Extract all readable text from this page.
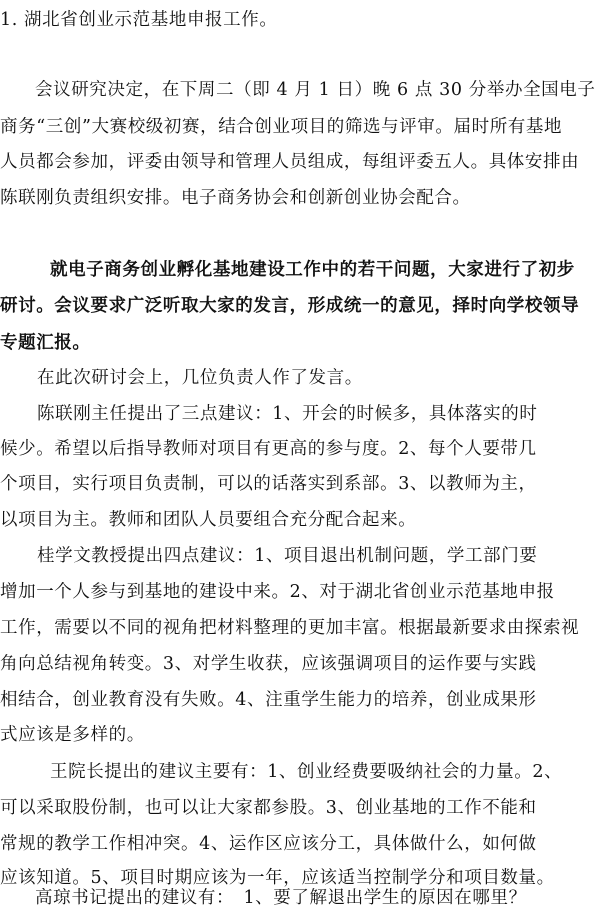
1. 湖北省创业示范基地申报工作。
会议研究决定，在下周二（即 4 月 1 日）晚 6 点 30 分举办全国电子
商务“三创”大赛校级初赛，结合创业项目的筛选与评审。届时所有基地
人员都会参加，评委由领导和管理人员组成，每组评委五人。具体安排由
陈联刚负责组织安排。电子商务协会和创新创业协会配合。
就电子商务创业孵化基地建设工作中的若干问题，大家进行了初步
研讨。会议要求广泛听取大家的发言，形成统一的意见，择时向学校领导
专题汇报。
在此次研讨会上，几位负责人作了发言。
陈联刚主任提出了三点建议：1、开会的时候多，具体落实的时
候少。希望以后指导教师对项目有更高的参与度。2、每个人要带几
个项目，实行项目负责制，可以的话落实到系部。3、以教师为主，
以项目为主。教师和团队人员要组合充分配合起来。
桂学文教授提出四点建议：1、项目退出机制问题，学工部门要
增加一个人参与到基地的建设中来。2、对于湖北省创业示范基地申报
工作，需要以不同的视角把材料整理的更加丰富。根据最新要求由探索视
角向总结视角转变。3、对学生收获，应该强调项目的运作要与实践
相结合，创业教育没有失败。4、注重学生能力的培养，创业成果形
式应该是多样的。
王院长提出的建议主要有：1、创业经费要吸纳社会的力量。2、
可以采取股份制，也可以让大家都参股。3、创业基地的工作不能和
常规的教学工作相冲突。4、运作区应该分工，具体做什么，如何做
应该知道。5、项目时期应该为一年，应该适当控制学分和项目数量。
高琼书记提出的建议有：　1、要了解退出学生的原因在哪里？
